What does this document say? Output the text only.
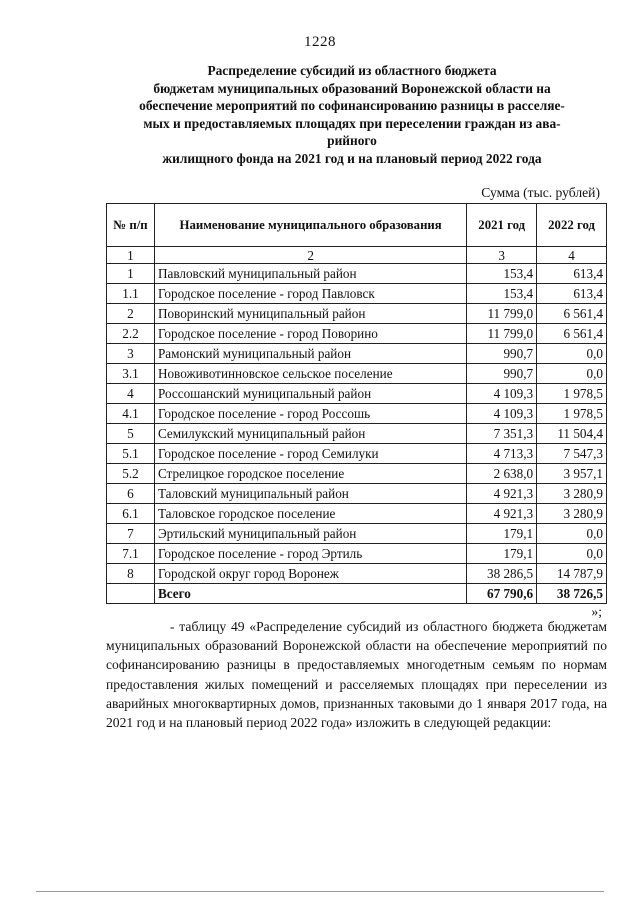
1228
Распределение субсидий из областного бюджета
бюджетам муниципальных образований Воронежской области на
обеспечение мероприятий по софинансированию разницы в расселяе-
мых и предоставляемых площадях при переселении граждан из ава-
рийного
жилищного фонда на 2021 год и на плановый период 2022 года
Сумма (тыс. рублей)
№ п/п	Наименование муниципального образования	2021 год	2022 год
1	2	3	4
1	Павловский муниципальный район	153,4	613,4
1.1	Городское поселение - город Павловск	153,4	613,4
2	Поворинский муниципальный район	11 799,0	6 561,4
2.2	Городское поселение - город Поворино	11 799,0	6 561,4
3	Рамонский муниципальный район	990,7	0,0
3.1	Новоживотинновское сельское поселение	990,7	0,0
4	Россошанский муниципальный район	4 109,3	1 978,5
4.1	Городское поселение - город Россошь	4 109,3	1 978,5
5	Семилукский муниципальный район	7 351,3	11 504,4
5.1	Городское поселение - город Семилуки	4 713,3	7 547,3
5.2	Стрелицкое городское поселение	2 638,0	3 957,1
6	Таловский муниципальный район	4 921,3	3 280,9
6.1	Таловское городское поселение	4 921,3	3 280,9
7	Эртильский муниципальный район	179,1	0,0
7.1	Городское поселение - город Эртиль	179,1	0,0
8	Городской округ город Воронеж	38 286,5	14 787,9
	Всего	67 790,6	38 726,5
»;

- таблицу 49 «Распределение субсидий из областного бюджета бюджетам муниципальных образований Воронежской области на обеспечение мероприятий по софинансированию разницы в предоставляемых многодетным семьям по нормам предоставления жилых помещений и расселяемых площадях при переселении из аварийных многоквартирных домов, признанных таковыми до 1 января 2017 года, на 2021 год и на плановый период 2022 года» изложить в следующей редакции:
